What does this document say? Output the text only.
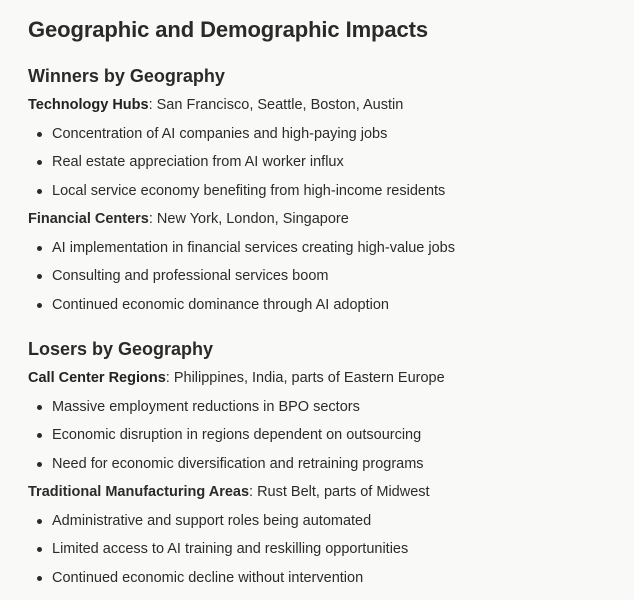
Geographic and Demographic Impacts
Winners by Geography

Technology Hubs: San Francisco, Seattle, Boston, Austin

Concentration of AI companies and high-paying jobs
Real estate appreciation from AI worker influx
Local service economy benefiting from high-income residents

Financial Centers: New York, London, Singapore

AI implementation in financial services creating high-value jobs
Consulting and professional services boom
Continued economic dominance through AI adoption
Losers by Geography

Call Center Regions: Philippines, India, parts of Eastern Europe

Massive employment reductions in BPO sectors
Economic disruption in regions dependent on outsourcing
Need for economic diversification and retraining programs

Traditional Manufacturing Areas: Rust Belt, parts of Midwest

Administrative and support roles being automated
Limited access to AI training and reskilling opportunities
Continued economic decline without intervention
